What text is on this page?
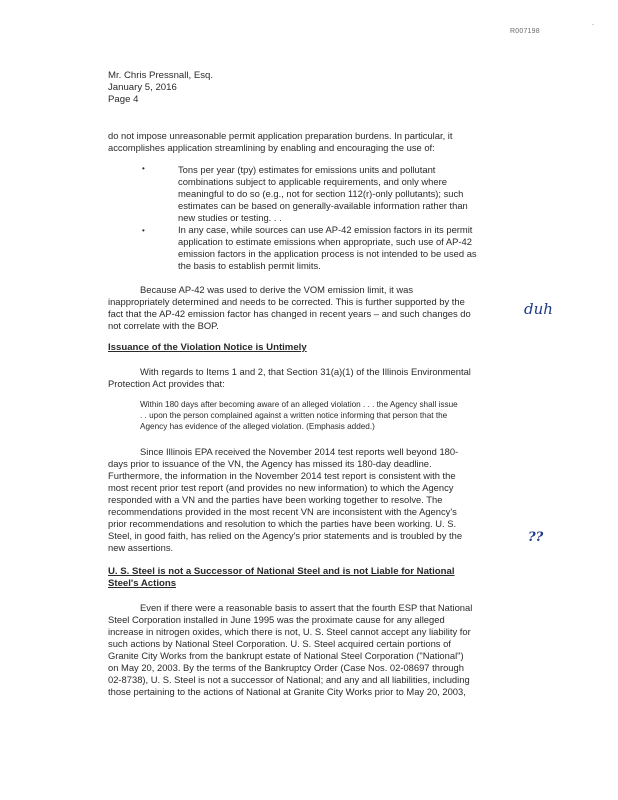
R007198
-
Mr. Chris Pressnall, Esq.
January 5, 2016
Page 4
do not impose unreasonable permit application preparation burdens. In particular, it
accomplishes application streamlining by enabling and encouraging the use of:
•	Tons per year (tpy) estimates for emissions units and pollutant
combinations subject to applicable requirements, and only where
meaningful to do so (e.g., not for section 112(r)-only pollutants); such
estimates can be based on generally-available information rather than
new studies or testing. . .
•	In any case, while sources can use AP-42 emission factors in its permit
application to estimate emissions when appropriate, such use of AP-42
emission factors in the application process is not intended to be used as
the basis to establish permit limits.
Because AP-42 was used to derive the VOM emission limit, it was
inappropriately determined and needs to be corrected. This is further supported by the
fact that the AP-42 emission factor has changed in recent years – and such changes do
not correlate with the BOP.
duh
Issuance of the Violation Notice is Untimely
With regards to Items 1 and 2, that Section 31(a)(1) of the Illinois Environmental
Protection Act provides that:
Within 180 days after becoming aware of an alleged violation . . . the Agency shall issue
. . upon the person complained against a written notice informing that person that the
Agency has evidence of the alleged violation. (Emphasis added.)
Since Illinois EPA received the November 2014 test reports well beyond 180-
days prior to issuance of the VN, the Agency has missed its 180-day deadline.
Furthermore, the information in the November 2014 test report is consistent with the
most recent prior test report (and provides no new information) to which the Agency
responded with a VN and the parties have been working together to resolve. The
recommendations provided in the most recent VN are inconsistent with the Agency's
prior recommendations and resolution to which the parties have been working. U. S.
Steel, in good faith, has relied on the Agency's prior statements and is troubled by the
new assertions.
??
U. S. Steel is not a Successor of National Steel and is not Liable for National
Steel's Actions
Even if there were a reasonable basis to assert that the fourth ESP that National
Steel Corporation installed in June 1995 was the proximate cause for any alleged
increase in nitrogen oxides, which there is not, U. S. Steel cannot accept any liability for
such actions by National Steel Corporation. U. S. Steel acquired certain portions of
Granite City Works from the bankrupt estate of National Steel Corporation ("National")
on May 20, 2003. By the terms of the Bankruptcy Order (Case Nos. 02-08697 through
02-8738), U. S. Steel is not a successor of National; and any and all liabilities, including
those pertaining to the actions of National at Granite City Works prior to May 20, 2003,
